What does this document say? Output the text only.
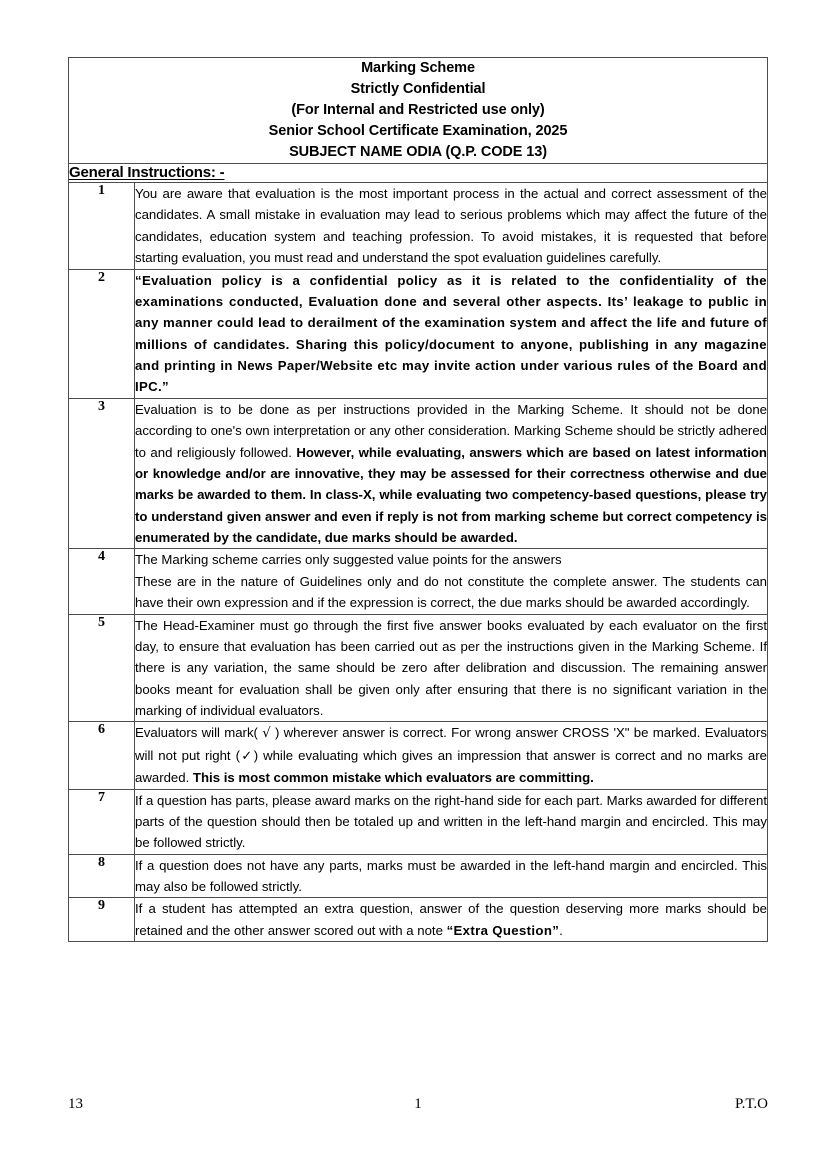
Marking Scheme
Strictly Confidential
(For Internal and Restricted use only)
Senior School Certificate Examination, 2025
SUBJECT NAME ODIA (Q.P. CODE 13)	

General Instructions: -	
1	You are aware that evaluation is the most important process in the actual and correct assessment of the candidates. A small mistake in evaluation may lead to serious problems which may affect the future of the candidates, education system and teaching profession. To avoid mistakes, it is requested that before starting evaluation, you must read and understand the spot evaluation guidelines carefully.

2	“Evaluation policy is a confidential policy as it is related to the confidentiality of the examinations conducted, Evaluation done and several other aspects. Its’ leakage to public in any manner could lead to derailment of the examination system and affect the life and future of millions of candidates. Sharing this policy/document to anyone, publishing in any magazine and printing in News Paper/Website etc may invite action under various rules of the Board and IPC.”

3	Evaluation is to be done as per instructions provided in the Marking Scheme. It should not be done according to one's own interpretation or any other consideration. Marking Scheme should be strictly adhered to and religiously followed. However, while evaluating, answers which are based on latest information or knowledge and/or are innovative, they may be assessed for their correctness otherwise and due marks be awarded to them. In class-X, while evaluating two competency-based questions, please try to understand given answer and even if reply is not from marking scheme but correct competency is enumerated by the candidate, due marks should be awarded.

4	The Marking scheme carries only suggested value points for the answers

These are in the nature of Guidelines only and do not constitute the complete answer. The students can have their own expression and if the expression is correct, the due marks should be awarded accordingly.

5	The Head-Examiner must go through the first five answer books evaluated by each evaluator on the first day, to ensure that evaluation has been carried out as per the instructions given in the Marking Scheme. If there is any variation, the same should be zero after delibration and discussion. The remaining answer books meant for evaluation shall be given only after ensuring that there is no significant variation in the marking of individual evaluators.

6	Evaluators will mark( √ ) wherever answer is correct. For wrong answer CROSS 'X" be marked. Evaluators will not put right (✓) while evaluating which gives an impression that answer is correct and no marks are awarded. This is most common mistake which evaluators are committing.

7	If a question has parts, please award marks on the right-hand side for each part. Marks awarded for different parts of the question should then be totaled up and written in the left-hand margin and encircled. This may be followed strictly.

8	If a question does not have any parts, marks must be awarded in the left-hand margin and encircled. This may also be followed strictly.

9	If a student has attempted an extra question, answer of the question deserving more marks should be retained and the other answer scored out with a note “Extra Question”.

13	1	P.T.O
